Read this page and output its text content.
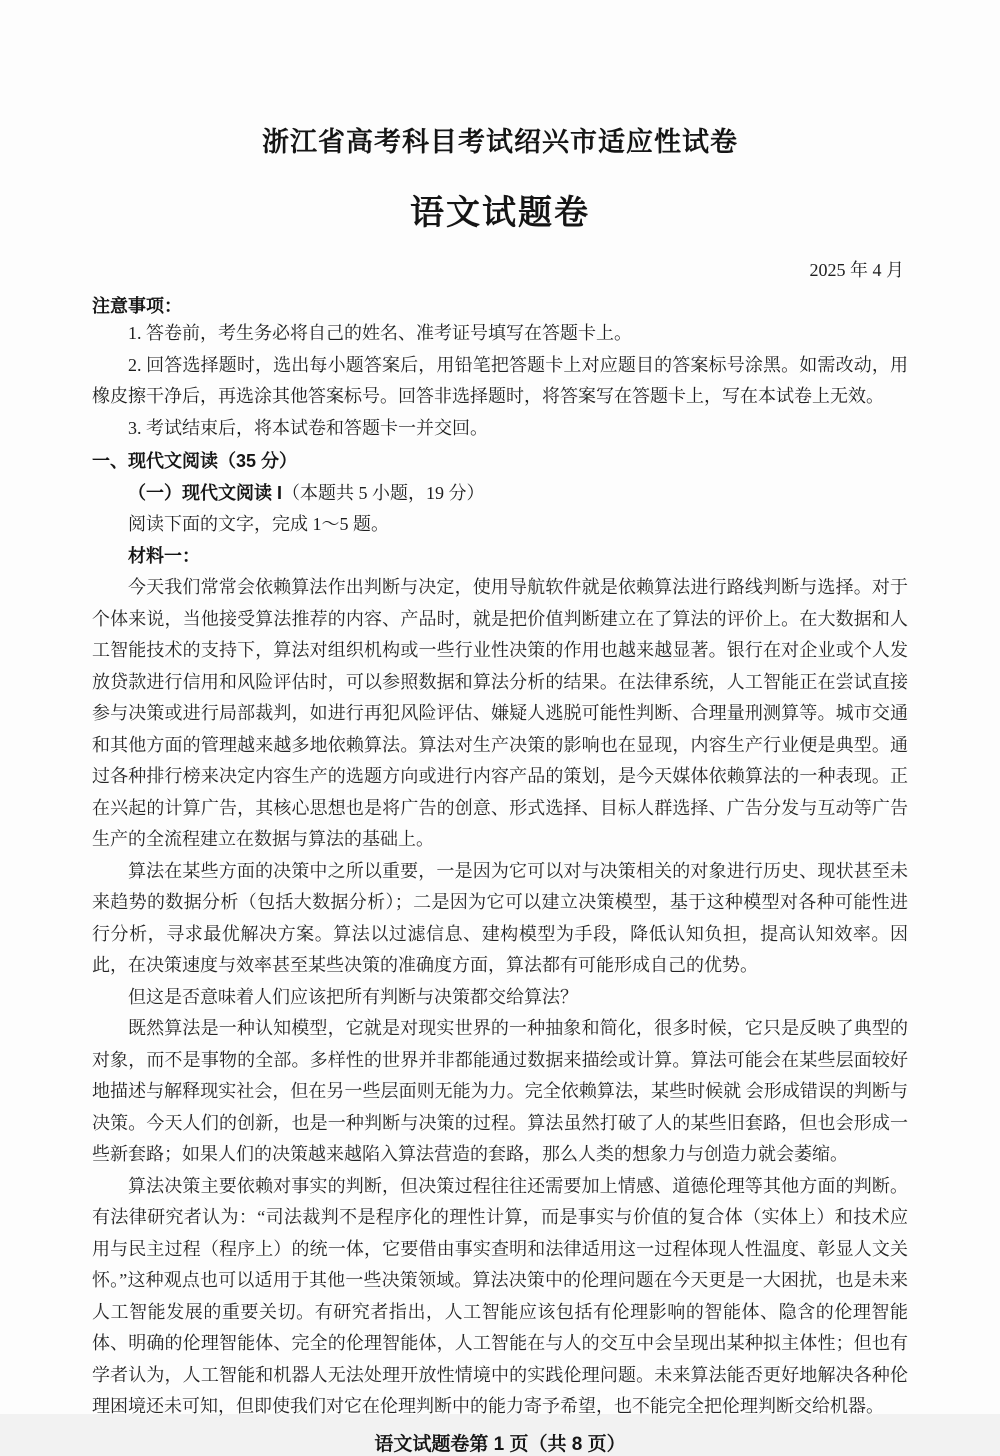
浙江省高考科目考试绍兴市适应性试卷
语文试题卷
2025 年 4 月
注意事项：

1. 答卷前，考生务必将自己的姓名、准考证号填写在答题卡上。

2. 回答选择题时，选出每小题答案后，用铅笔把答题卡上对应题目的答案标号涂黑。如需改动，用橡皮擦干净后，再选涂其他答案标号。回答非选择题时，将答案写在答题卡上，写在本试卷上无效。

3. 考试结束后，将本试卷和答题卡一并交回。

一、现代文阅读（35 分）
（一）现代文阅读 I（本题共 5 小题，19 分）

阅读下面的文字，完成 1～5 题。

材料一：

今天我们常常会依赖算法作出判断与决定，使用导航软件就是依赖算法进行路线判断与选择。对于个体来说，当他接受算法推荐的内容、产品时，就是把价值判断建立在了算法的评价上。在大数据和人工智能技术的支持下，算法对组织机构或一些行业性决策的作用也越来越显著。银行在对企业或个人发放贷款进行信用和风险评估时，可以参照数据和算法分析的结果。在法律系统，人工智能正在尝试直接参与决策或进行局部裁判，如进行再犯风险评估、嫌疑人逃脱可能性判断、合理量刑测算等。城市交通和其他方面的管理越来越多地依赖算法。算法对生产决策的影响也在显现，内容生产行业便是典型。通过各种排行榜来决定内容生产的选题方向或进行内容产品的策划，是今天媒体依赖算法的一种表现。正在兴起的计算广告，其核心思想也是将广告的创意、形式选择、目标人群选择、广告分发与互动等广告生产的全流程建立在数据与算法的基础上。

算法在某些方面的决策中之所以重要，一是因为它可以对与决策相关的对象进行历史、现状甚至未来趋势的数据分析（包括大数据分析）；二是因为它可以建立决策模型，基于这种模型对各种可能性进行分析，寻求最优解决方案。算法以过滤信息、建构模型为手段，降低认知负担，提高认知效率。因此，在决策速度与效率甚至某些决策的准确度方面，算法都有可能形成自己的优势。

但这是否意味着人们应该把所有判断与决策都交给算法？

既然算法是一种认知模型，它就是对现实世界的一种抽象和简化，很多时候，它只是反映了典型的对象，而不是事物的全部。多样性的世界并非都能通过数据来描绘或计算。算法可能会在某些层面较好地描述与解释现实社会，但在另一些层面则无能为力。完全依赖算法，某些时候就 会形成错误的判断与决策。今天人们的创新，也是一种判断与决策的过程。算法虽然打破了人的某些旧套路，但也会形成一些新套路；如果人们的决策越来越陷入算法营造的套路，那么人类的想象力与创造力就会萎缩。

算法决策主要依赖对事实的判断，但决策过程往往还需要加上情感、道德伦理等其他方面的判断。有法律研究者认为：“司法裁判不是程序化的理性计算，而是事实与价值的复合体（实体上）和技术应用与民主过程（程序上）的统一体，它要借由事实查明和法律适用这一过程体现人性温度、彰显人文关怀。”这种观点也可以适用于其他一些决策领域。算法决策中的伦理问题在今天更是一大困扰，也是未来人工智能发展的重要关切。有研究者指出，人工智能应该包括有伦理影响的智能体、隐含的伦理智能体、明确的伦理智能体、完全的伦理智能体，人工智能在与人的交互中会呈现出某种拟主体性；但也有学者认为，人工智能和机器人无法处理开放性情境中的实践伦理问题。未来算法能否更好地解决各种伦理困境还未可知，但即使我们对它在伦理判断中的能力寄予希望，也不能完全把伦理判断交给机器。

语文试题卷第 1 页（共 8 页）
